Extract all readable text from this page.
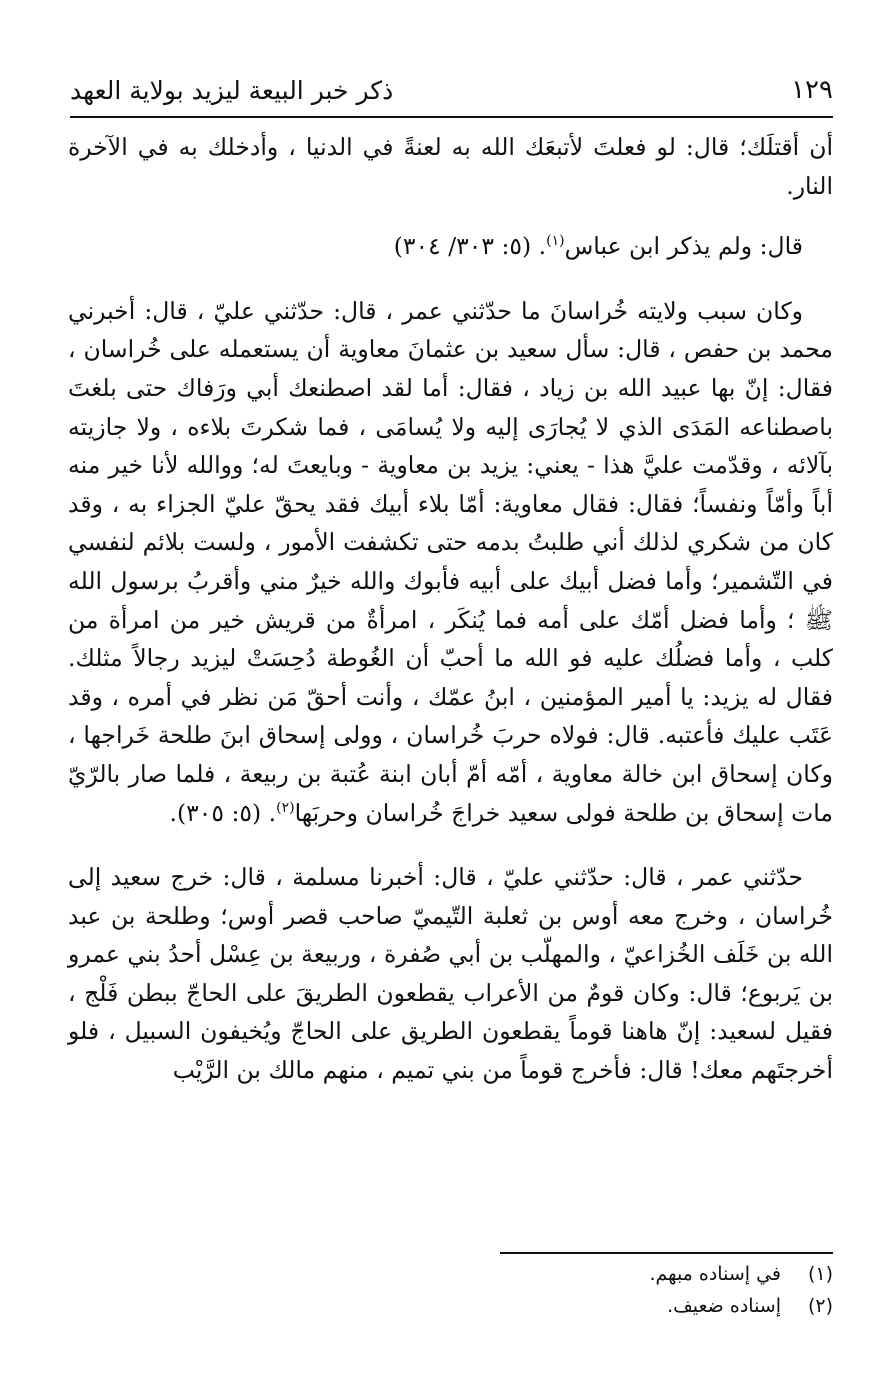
ذكر خبر البيعة ليزيد بولاية العهد	١٢٩

أن أقتلَك؛ قال: لو فعلتَ لأتبعَك الله به لعنةً في الدنيا ، وأدخلك به في الآخرة النار.

قال: ولم يذكر ابن عباس$^{(١)}$. (٥: ٣٠٣/ ٣٠٤)

وكان سبب ولايته خُراسانَ ما حدّثني عمر ، قال: حدّثني عليّ ، قال: أخبرني محمد بن حفص ، قال: سأل سعيد بن عثمانَ معاوية أن يستعمله على خُراسان ، فقال: إنّ بها عبيد الله بن زياد ، فقال: أما لقد اصطنعك أبي ورَفاك حتى بلغتَ باصطناعه المَدَى الذي لا يُجارَى إليه ولا يُسامَى ، فما شكرتَ بلاءه ، ولا جازيته بآلائه ، وقدّمت عليَّ هذا - يعني: يزيد بن معاوية - وبايعتَ له؛ ووالله لأنا خير منه أباً وأمّاً ونفساً؛ فقال: فقال معاوية: أمّا بلاء أبيك فقد يحقّ عليّ الجزاء به ، وقد كان من شكري لذلك أني طلبتُ بدمه حتى تكشفت الأمور ، ولست بلائم لنفسي في التّشمير؛ وأما فضل أبيك على أبيه فأبوك والله خيرٌ مني وأقربُ برسول الله ﷺ ؛ وأما فضل أمّك على أمه فما يُنكَر ، امرأةٌ من قريش خير من امرأة من كلب ، وأما فضلُك عليه فو الله ما أحبّ أن الغُوطة دُحِسَتْ ليزيد رجالاً مثلك. فقال له يزيد: يا أمير المؤمنين ، ابنُ عمّك ، وأنت أحقّ مَن نظر في أمره ، وقد عَتَب عليك فأعتبه. قال: فولاه حربَ خُراسان ، وولى إسحاق ابنَ طلحة خَراجها ، وكان إسحاق ابن خالة معاوية ، أمّه أمّ أبان ابنة عُتبة بن ربيعة ، فلما صار بالرّيّ مات إسحاق بن طلحة فولى سعيد خراجَ خُراسان وحربَها$^{(٢)}$. (٥: ٣٠٥).

حدّثني عمر ، قال: حدّثني عليّ ، قال: أخبرنا مسلمة ، قال: خرج سعيد إلى خُراسان ، وخرج معه أوس بن ثعلبة التّيميّ صاحب قصر أوس؛ وطلحة بن عبد الله بن خَلَف الخُزاعيّ ، والمهلّب بن أبي صُفرة ، وربيعة بن عِسْل أحدُ بني عمرو بن يَربوع؛ قال: وكان قومٌ من الأعراب يقطعون الطريقَ على الحاجّ ببطن فَلْج ، فقيل لسعيد: إنّ هاهنا قوماً يقطعون الطريق على الحاجّ ويُخيفون السبيل ، فلو أخرجتَهم معك! قال: فأخرج قوماً من بني تميم ، منهم مالك بن الرَّيْب

(١)
في إسناده مبهم.
(٢)
إسناده ضعيف.
